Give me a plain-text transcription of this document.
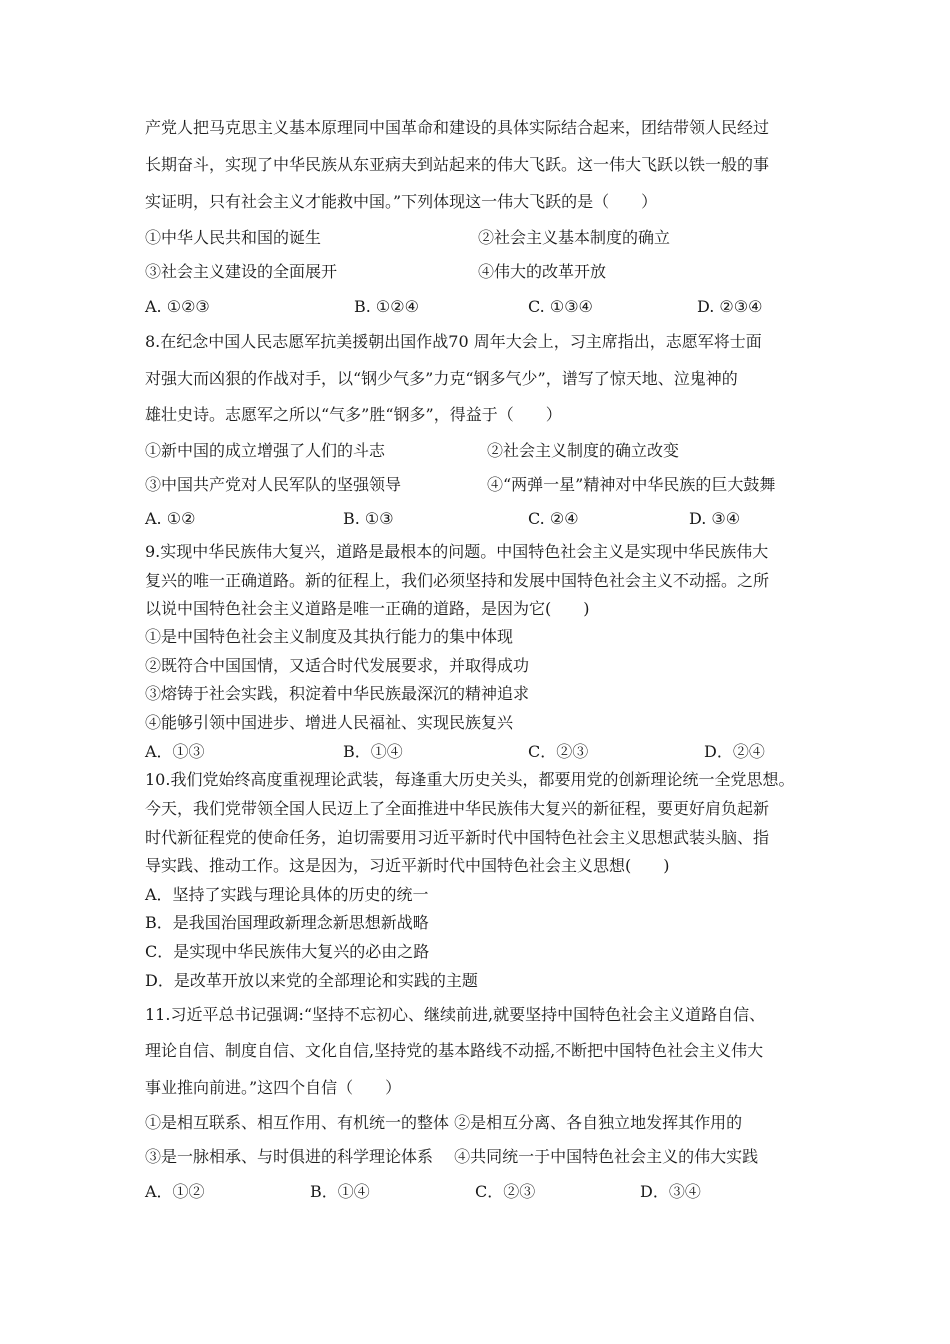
产党人把马克思主义基本原理同中国革命和建设的具体实际结合起来，团结带领人民经过
长期奋斗，实现了中华民族从东亚病夫到站起来的伟大飞跃。这一伟大飞跃以铁一般的事
实证明，只有社会主义才能救中国。”下列体现这一伟大飞跃的是（　　）
①中华人民共和国的诞生	②社会主义基本制度的确立
③社会主义建设的全面展开	④伟大的改革开放
A. ①②③	B. ①②④	C. ①③④	D. ②③④
8.在纪念中国人民志愿军抗美援朝出国作战70 周年大会上，习主席指出，志愿军将士面
对强大而凶狠的作战对手，以“钢少气多”力克“钢多气少”，谱写了惊天地、泣鬼神的
雄壮史诗。志愿军之所以“气多”胜“钢多”，得益于（　　）
①新中国的成立增强了人们的斗志	②社会主义制度的确立改变
③中国共产党对人民军队的坚强领导	④“两弹一星”精神对中华民族的巨大鼓舞
A. ①②	B. ①③	C. ②④	D. ③④
9.实现中华民族伟大复兴，道路是最根本的问题。中国特色社会主义是实现中华民族伟大
复兴的唯一正确道路。新的征程上，我们必须坚持和发展中国特色社会主义不动摇。之所
以说中国特色社会主义道路是唯一正确的道路，是因为它(　　)
①是中国特色社会主义制度及其执行能力的集中体现
②既符合中国国情，又适合时代发展要求，并取得成功
③熔铸于社会实践，积淀着中华民族最深沉的精神追求
④能够引领中国进步、增进人民福祉、实现民族复兴
A．①③	B．①④	C．②③	D．②④
10.我们党始终高度重视理论武装，每逢重大历史关头，都要用党的创新理论统一全党思想。
今天，我们党带领全国人民迈上了全面推进中华民族伟大复兴的新征程，要更好肩负起新
时代新征程党的使命任务，迫切需要用习近平新时代中国特色社会主义思想武装头脑、指
导实践、推动工作。这是因为，习近平新时代中国特色社会主义思想(　　)
A．坚持了实践与理论具体的历史的统一
B．是我国治国理政新理念新思想新战略
C．是实现中华民族伟大复兴的必由之路
D．是改革开放以来党的全部理论和实践的主题
11.习近平总书记强调:“坚持不忘初心、继续前进,就要坚持中国特色社会主义道路自信、
理论自信、制度自信、文化自信,坚持党的基本路线不动摇,不断把中国特色社会主义伟大
事业推向前进。”这四个自信（　　）
①是相互联系、相互作用、有机统一的整体 ②是相互分离、各自独立地发挥其作用的
③是一脉相承、与时俱进的科学理论体系　 ④共同统一于中国特色社会主义的伟大实践
A．①②	B．①④	C．②③	D．③④
